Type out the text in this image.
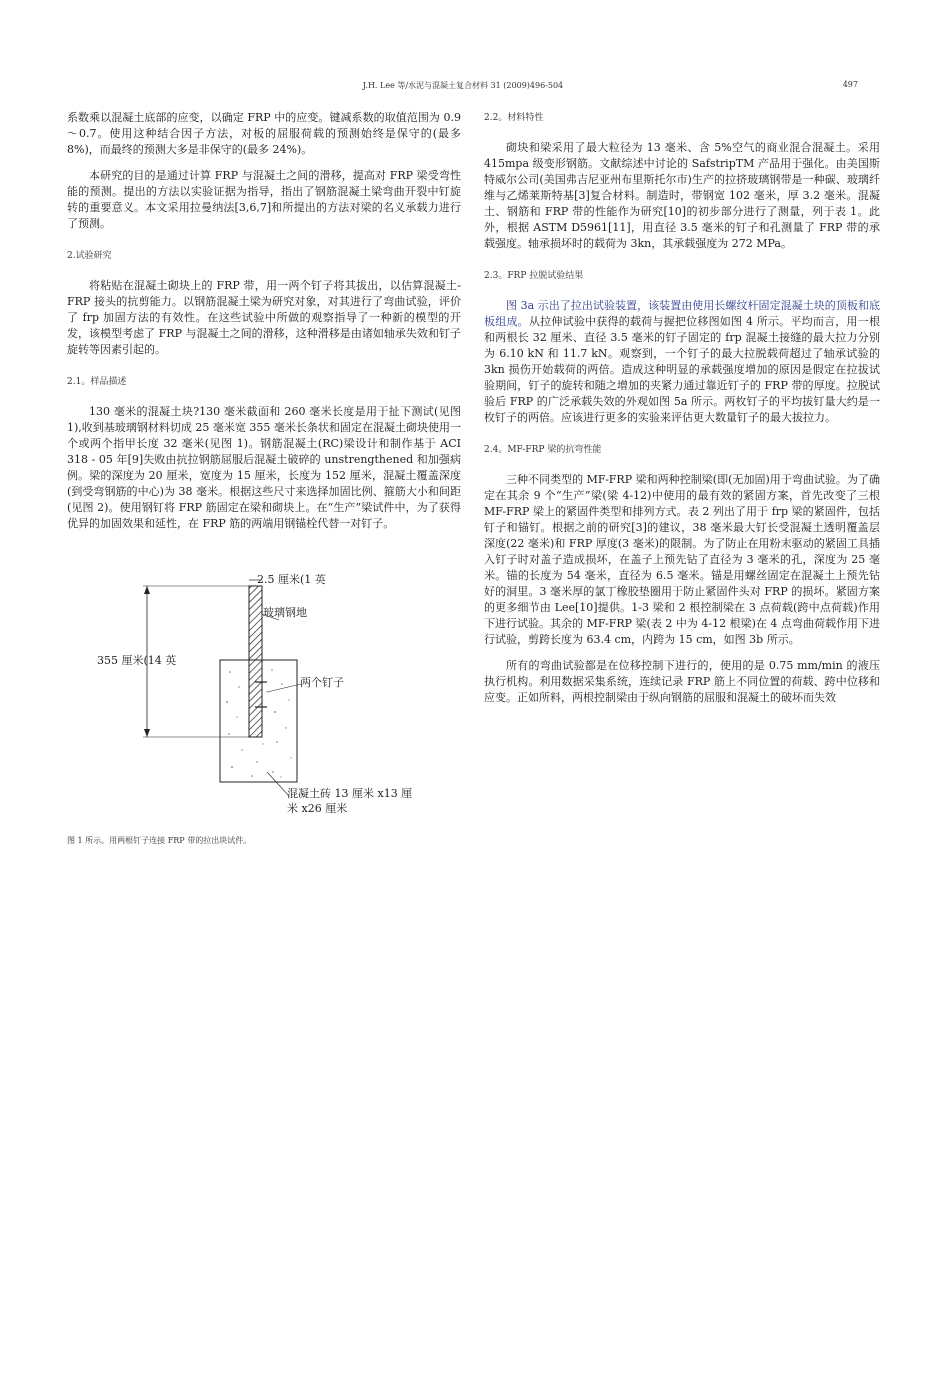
J.H. Lee 等/水泥与混凝土复合材料 31 (2009)496-504	497

系数乘以混凝土底部的应变，以确定 FRP 中的应变。键减系数的取值范围为 0.9～0.7。使用这种结合因子方法，对板的屈服荷载的预测始终是保守的(最多 8%)，而最终的预测大多是非保守的(最多 24%)。

本研究的目的是通过计算 FRP 与混凝土之间的滑移，提高对 FRP 梁受弯性能的预测。提出的方法以实验证据为指导，指出了钢筋混凝土梁弯曲开裂中钉旋转的重要意义。本文采用拉曼纳法[3,6,7]和所提出的方法对梁的名义承载力进行了预测。

2.试验研究

将粘贴在混凝土砌块上的 FRP 带，用一两个钉子将其拔出，以估算混凝土- FRP 接头的抗剪能力。以钢筋混凝土梁为研究对象，对其进行了弯曲试验，评价了 frp 加固方法的有效性。在这些试验中所做的观察指导了一种新的模型的开发，该模型考虑了 FRP 与混凝土之间的滑移，这种滑移是由诸如轴承失效和钉子旋转等因素引起的。

2.1。样品描述

130 毫米的混凝土块?130 毫米截面和 260 毫米长度是用于扯下测试(见图 1),收到基玻璃钢材料切成 25 毫米宽 355 毫米长条状和固定在混凝土砌块使用一个或两个指甲长度 32 毫米(见图 1)。钢筋混凝土(RC)梁设计和制作基于 ACI 318 - 05 年[9]失败由抗拉钢筋屈服后混凝土破碎的 unstrengthened 和加强病例。梁的深度为 20 厘米，宽度为 15 厘米，长度为 152 厘米，混凝土覆盖深度(到受弯钢筋的中心)为 38 毫米。根据这些尺寸来选择加固比例、箍筋大小和间距(见图 2)。使用钢钉将 FRP 筋固定在梁和砌块上。在“生产”梁试件中，为了获得优异的加固效果和延性，在 FRP 筋的两端用钢锚栓代替一对钉子。

2.5 厘米(1 英
玻璃钢地
355 厘米(14 英
两个钉子
混凝土砖 13 厘米 x13 厘
米 x26 厘米
图 1 所示。用两根钉子连接 FRP 带的拉出块试件。
2.2。材料特性

砌块和梁采用了最大粒径为 13 毫米、含 5%空气的商业混合混凝土。采用 415mpa 级变形钢筋。文献综述中讨论的 SafstripTM 产品用于强化。由美国斯特威尔公司(美国弗吉尼亚州布里斯托尔市)生产的拉挤玻璃钢带是一种碳、玻璃纤维与乙烯莱斯特基[3]复合材料。制造时，带钢宽 102 毫米，厚 3.2 毫米。混凝土、钢筋和 FRP 带的性能作为研究[10]的初步部分进行了测量，列于表 1。此外，根据 ASTM D5961[11]，用直径 3.5 毫米的钉子和孔测量了 FRP 带的承载强度。轴承损坏时的载荷为 3kn，其承载强度为 272 MPa。

2.3。FRP 拉脱试验结果

图 3a 示出了拉出试验装置，该装置由使用长螺纹杆固定混凝土块的顶板和底板组成。从拉伸试验中获得的载荷与握把位移图如图 4 所示。平均而言，用一根和两根长 32 厘米、直径 3.5 毫米的钉子固定的 frp 混凝土接缝的最大拉力分别为 6.10 kN 和 11.7 kN。观察到，一个钉子的最大拉脱载荷超过了轴承试验的 3kn 损伤开始载荷的两倍。造成这种明显的承载强度增加的原因是假定在拉拔试验期间，钉子的旋转和随之增加的夹紧力通过靠近钉子的 FRP 带的厚度。拉脱试验后 FRP 的广泛承载失效的外观如图 5a 所示。两枚钉子的平均拔钉量大约是一枚钉子的两倍。应该进行更多的实验来评估更大数量钉子的最大拔拉力。

2.4。MF-FRP 梁的抗弯性能

三种不同类型的 MF-FRP 梁和两种控制梁(即(无加固)用于弯曲试验。为了确定在其余 9 个“生产”梁(梁 4-12)中使用的最有效的紧固方案，首先改变了三根 MF-FRP 梁上的紧固件类型和排列方式。表 2 列出了用于 frp 梁的紧固件，包括钉子和锚钉。根据之前的研究[3]的建议，38 毫米最大钉长受混凝土透明覆盖层深度(22 毫米)和 FRP 厚度(3 毫米)的限制。为了防止在用粉末驱动的紧固工具插入钉子时对盖子造成损坏，在盖子上预先钻了直径为 3 毫米的孔，深度为 25 毫米。锚的长度为 54 毫米，直径为 6.5 毫米。锚是用螺丝固定在混凝土上预先钻好的洞里。3 毫米厚的氯丁橡胶垫圈用于防止紧固件头对 FRP 的损坏。紧固方案的更多细节由 Lee[10]提供。1-3 梁和 2 根控制梁在 3 点荷载(跨中点荷载)作用下进行试验。其余的 MF-FRP 梁(表 2 中为 4-12 根梁)在 4 点弯曲荷载作用下进行试验，剪跨长度为 63.4 cm，内跨为 15 cm，如图 3b 所示。

所有的弯曲试验都是在位移控制下进行的，使用的是 0.75 mm/min 的液压执行机构。利用数据采集系统，连续记录 FRP 筋上不同位置的荷载、跨中位移和应变。正如所料，两根控制梁由于纵向钢筋的屈服和混凝土的破坏而失效
